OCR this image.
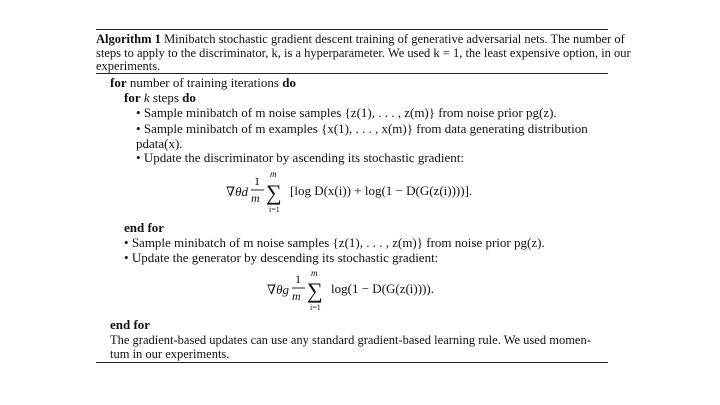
Algorithm 1 Minibatch stochastic gradient descent training of generative adversarial nets. The number of
steps to apply to the discriminator, k, is a hyperparameter. We used k = 1, the least expensive option, in our
experiments.
for number of training iterations do
for k steps do
• Sample minibatch of m noise samples {z(1), . . . , z(m)} from noise prior pg(z).
• Sample minibatch of m examples {x(1), . . . , x(m)} from data generating distribution
pdata(x).
• Update the discriminator by ascending its stochastic gradient:
∇θd
1
m
m
∑
i=1
[log D(x(i)) + log(1 − D(G(z(i))))].
end for
• Sample minibatch of m noise samples {z(1), . . . , z(m)} from noise prior pg(z).
• Update the generator by descending its stochastic gradient:
∇θg
1
m
m
∑
i=1
log(1 − D(G(z(i)))).
end for
The gradient-based updates can use any standard gradient-based learning rule. We used momen-
tum in our experiments.
